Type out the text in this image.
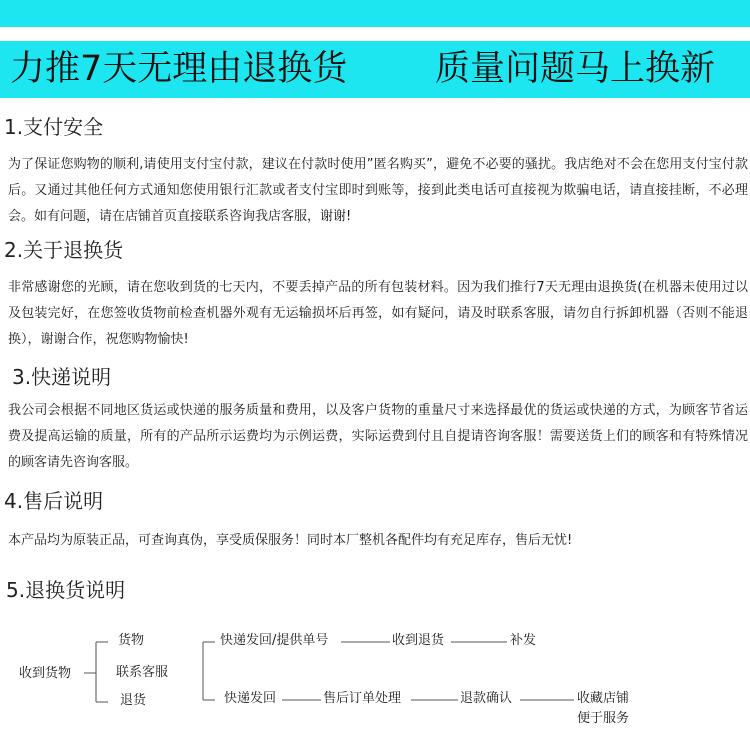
力推7天无理由退换货	质量问题马上换新
1.支付安全
为了保证您购物的顺利,请使用支付宝付款，建议在付款时使用”匿名购买”，避免不必要的骚扰。我店绝对不会在您用支付宝付款后。又通过其他任何方式通知您使用银行汇款或者支付宝即时到账等，接到此类电话可直接视为欺骗电话，请直接挂断，不必理会。如有问题，请在店铺首页直接联系咨询我店客服，谢谢!
2.关于退换货
非常感谢您的光顾，请在您收到货的七天内，不要丢掉产品的所有包装材料。因为我们推行7天无理由退换货(在机器未使用过以及包装完好，在您签收货物前检查机器外观有无运输损坏后再签，如有疑问，请及时联系客服，请勿自行拆卸机器（否则不能退换），谢谢合作，祝您购物愉快!
3.快递说明
我公司会根据不同地区货运或快递的服务质量和费用，以及客户货物的重量尺寸来选择最优的货运或快递的方式，为顾客节省运费及提高运输的质量，所有的产品所示运费均为示例运费，实际运费到付且自提请咨询客服！需要送货上们的顾客和有特殊情况的顾客请先咨询客服。
4.售后说明
本产品均为原装正品，可查询真伪，享受质保服务！同时本厂整机各配件均有充足库存，售后无忧!
5.退换货说明
收到货物
货物
联系客服
退货
快递发回/提供单号	收到退货	补发
快递发回	售后订单处理	退款确认	收藏店铺
便于服务
